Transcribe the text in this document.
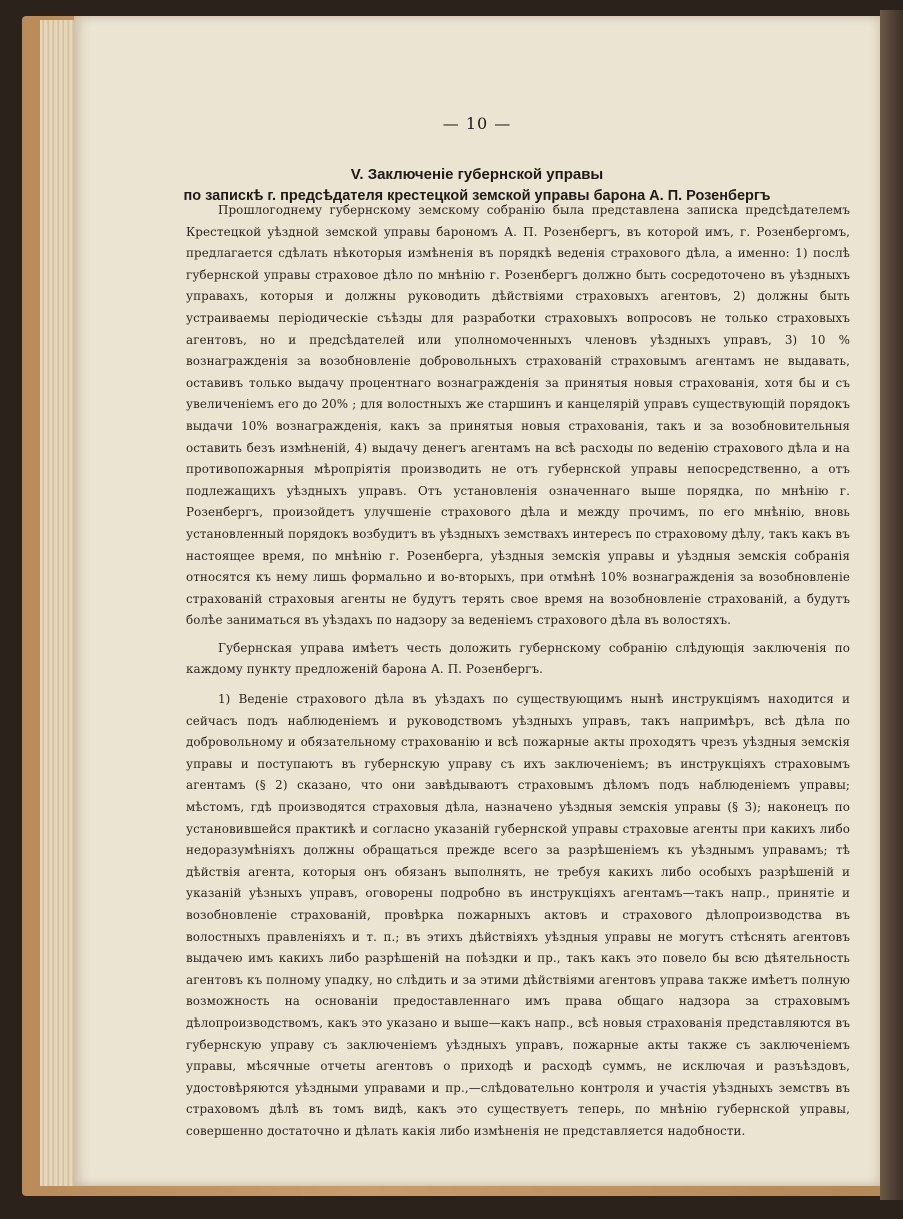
— 10 —
V. Заключеніе губернской управы
по запискѣ г. предсѣдателя крестецкой земской управы барона А. П. Розенбергъ

Прошлогоднему губернскому земскому собранію была представлена записка предсѣдателемъ Крестецкой уѣздной земской управы барономъ А. П. Розенбергъ, въ которой имъ, г. Розенбергомъ, предлагается сдѣлать нѣкоторыя измѣненія въ порядкѣ веденія страхового дѣла, а именно: 1) послѣ губернской управы страховое дѣло по мнѣнію г. Розенбергъ должно быть сосредоточено въ уѣздныхъ управахъ, которыя и должны руководить дѣйствіями страховыхъ агентовъ, 2) должны быть устраиваемы періодическіе съѣзды для разработки страховыхъ вопросовъ не только страховыхъ агентовъ, но и предсѣдателей или уполномоченныхъ членовъ уѣздныхъ управъ, 3) 10 % вознагражденія за возобновленіе добровольныхъ страхованій страховымъ агентамъ не выдавать, оставивъ только выдачу процентнаго вознагражденія за принятыя новыя страхованія, хотя бы и съ увеличеніемъ его до 20% ; для волостныхъ же старшинъ и канцелярій управъ существующій порядокъ выдачи 10% вознагражденія, какъ за принятыя новыя страхованія, такъ и за возобновительныя оставить безъ измѣненій, 4) выдачу денегъ агентамъ на всѣ расходы по веденію страхового дѣла и на противопожарныя мѣропріятія производить не отъ губернской управы непосредственно, а отъ подлежащихъ уѣздныхъ управъ. Отъ установленія означеннаго выше порядка, по мнѣнію г. Розенбергъ, произойдетъ улучшеніе страхового дѣла и между прочимъ, по его мнѣнію, вновь установленный порядокъ возбудитъ въ уѣздныхъ земствахъ интересъ по страховому дѣлу, такъ какъ въ настоящее время, по мнѣнію г. Розенберга, уѣздныя земскія управы и уѣздныя земскія собранія относятся къ нему лишь формально и во-вторыхъ, при отмѣнѣ 10% вознагражденія за возобновленіе страхованій страховыя агенты не будутъ терять свое время на возобновленіе страхованій, а будутъ болѣе заниматься въ уѣздахъ по надзору за веденіемъ страхового дѣла въ волостяхъ.

Губернская управа имѣетъ честь доложить губернскому собранію слѣдующія заключенія по каждому пункту предложеній барона А. П. Розенбергъ.

1) Веденіе страхового дѣла въ уѣздахъ по существующимъ нынѣ инструкціямъ находится и сейчасъ подъ наблюденіемъ и руководствомъ уѣздныхъ управъ, такъ напримѣръ, всѣ дѣла по добровольному и обязательному страхованію и всѣ пожарные акты проходятъ чрезъ уѣздныя земскія управы и поступаютъ въ губернскую управу съ ихъ заключеніемъ; въ инструкціяхъ страховымъ агентамъ (§ 2) сказано, что они завѣдываютъ страховымъ дѣломъ подъ наблюденіемъ управы; мѣстомъ, гдѣ производятся страховыя дѣла, назначено уѣздныя земскія управы (§ 3); наконецъ по установившейся практикѣ и согласно указаній губернской управы страховые агенты при какихъ либо недоразумѣніяхъ должны обращаться прежде всего за разрѣшеніемъ къ уѣзднымъ управамъ; тѣ дѣйствія агента, которыя онъ обязанъ выполнять, не требуя какихъ либо особыхъ разрѣшеній и указаній уѣзныхъ управъ, оговорены подробно въ инструкціяхъ агентамъ—такъ напр., принятіе и возобновленіе страхованій, провѣрка пожарныхъ актовъ и страхового дѣлопроизводства въ волостныхъ правленіяхъ и т. п.; въ этихъ дѣйствіяхъ уѣздныя управы не могутъ стѣснять агентовъ выдачею имъ какихъ либо разрѣшеній на поѣздки и пр., такъ какъ это повело бы всю дѣятельность агентовъ къ полному упадку, но слѣдить и за этими дѣйствіями агентовъ управа также имѣетъ полную возможность на основаніи предоставленнаго имъ права общаго надзора за страховымъ дѣлопроизводствомъ, какъ это указано и выше—какъ напр., всѣ новыя страхованія представляются въ губернскую управу съ заключеніемъ уѣздныхъ управъ, пожарные акты также съ заключеніемъ управы, мѣсячные отчеты агентовъ о приходѣ и расходѣ суммъ, не исключая и разъѣздовъ, удостовѣряются уѣздными управами и пр.,—слѣдовательно контроля и участія уѣздныхъ земствъ въ страховомъ дѣлѣ въ томъ видѣ, какъ это существуетъ теперь, по мнѣнію губернской управы, совершенно достаточно и дѣлать какія либо измѣненія не представляется надобности.
